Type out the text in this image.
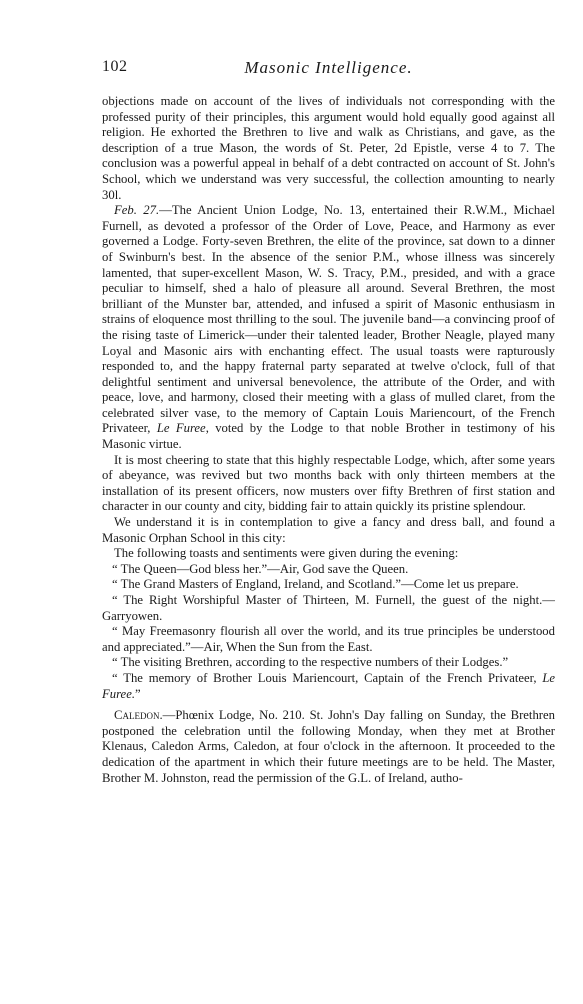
102	Masonic Intelligence.

objections made on account of the lives of individuals not corresponding with the professed purity of their principles, this argument would hold equally good against all religion. He exhorted the Brethren to live and walk as Christians, and gave, as the description of a true Mason, the words of St. Peter, 2d Epistle, verse 4 to 7. The conclusion was a powerful appeal in behalf of a debt contracted on account of St. John's School, which we understand was very successful, the collection amounting to nearly 30l.

Feb. 27.—The Ancient Union Lodge, No. 13, entertained their R.W.M., Michael Furnell, as devoted a professor of the Order of Love, Peace, and Harmony as ever governed a Lodge. Forty-seven Brethren, the elite of the province, sat down to a dinner of Swinburn's best. In the absence of the senior P.M., whose illness was sincerely lamented, that super-excellent Mason, W. S. Tracy, P.M., presided, and with a grace peculiar to himself, shed a halo of pleasure all around. Several Brethren, the most brilliant of the Munster bar, attended, and infused a spirit of Masonic enthusiasm in strains of eloquence most thrilling to the soul. The juvenile band—a convincing proof of the rising taste of Limerick—under their talented leader, Brother Neagle, played many Loyal and Masonic airs with enchanting effect. The usual toasts were rapturously responded to, and the happy fraternal party separated at twelve o'clock, full of that delightful sentiment and universal benevolence, the attribute of the Order, and with peace, love, and harmony, closed their meeting with a glass of mulled claret, from the celebrated silver vase, to the memory of Captain Louis Mariencourt, of the French Privateer, Le Furee, voted by the Lodge to that noble Brother in testimony of his Masonic virtue.

It is most cheering to state that this highly respectable Lodge, which, after some years of abeyance, was revived but two months back with only thirteen members at the installation of its present officers, now musters over fifty Brethren of first station and character in our county and city, bidding fair to attain quickly its pristine splendour.

We understand it is in contemplation to give a fancy and dress ball, and found a Masonic Orphan School in this city:

The following toasts and sentiments were given during the evening:

“ The Queen—God bless her.”—Air, God save the Queen.

“ The Grand Masters of England, Ireland, and Scotland.”—Come let us prepare.

“ The Right Worshipful Master of Thirteen, M. Furnell, the guest of the night.—Garryowen.

“ May Freemasonry flourish all over the world, and its true principles be understood and appreciated.”—Air, When the Sun from the East.

“ The visiting Brethren, according to the respective numbers of their Lodges.”

“ The memory of Brother Louis Mariencourt, Captain of the French Privateer, Le Furee.”

Caledon.—Phœnix Lodge, No. 210. St. John's Day falling on Sunday, the Brethren postponed the celebration until the following Monday, when they met at Brother Klenaus, Caledon Arms, Caledon, at four o'clock in the afternoon. It proceeded to the dedication of the apartment in which their future meetings are to be held. The Master, Brother M. Johnston, read the permission of the G.L. of Ireland, autho-
